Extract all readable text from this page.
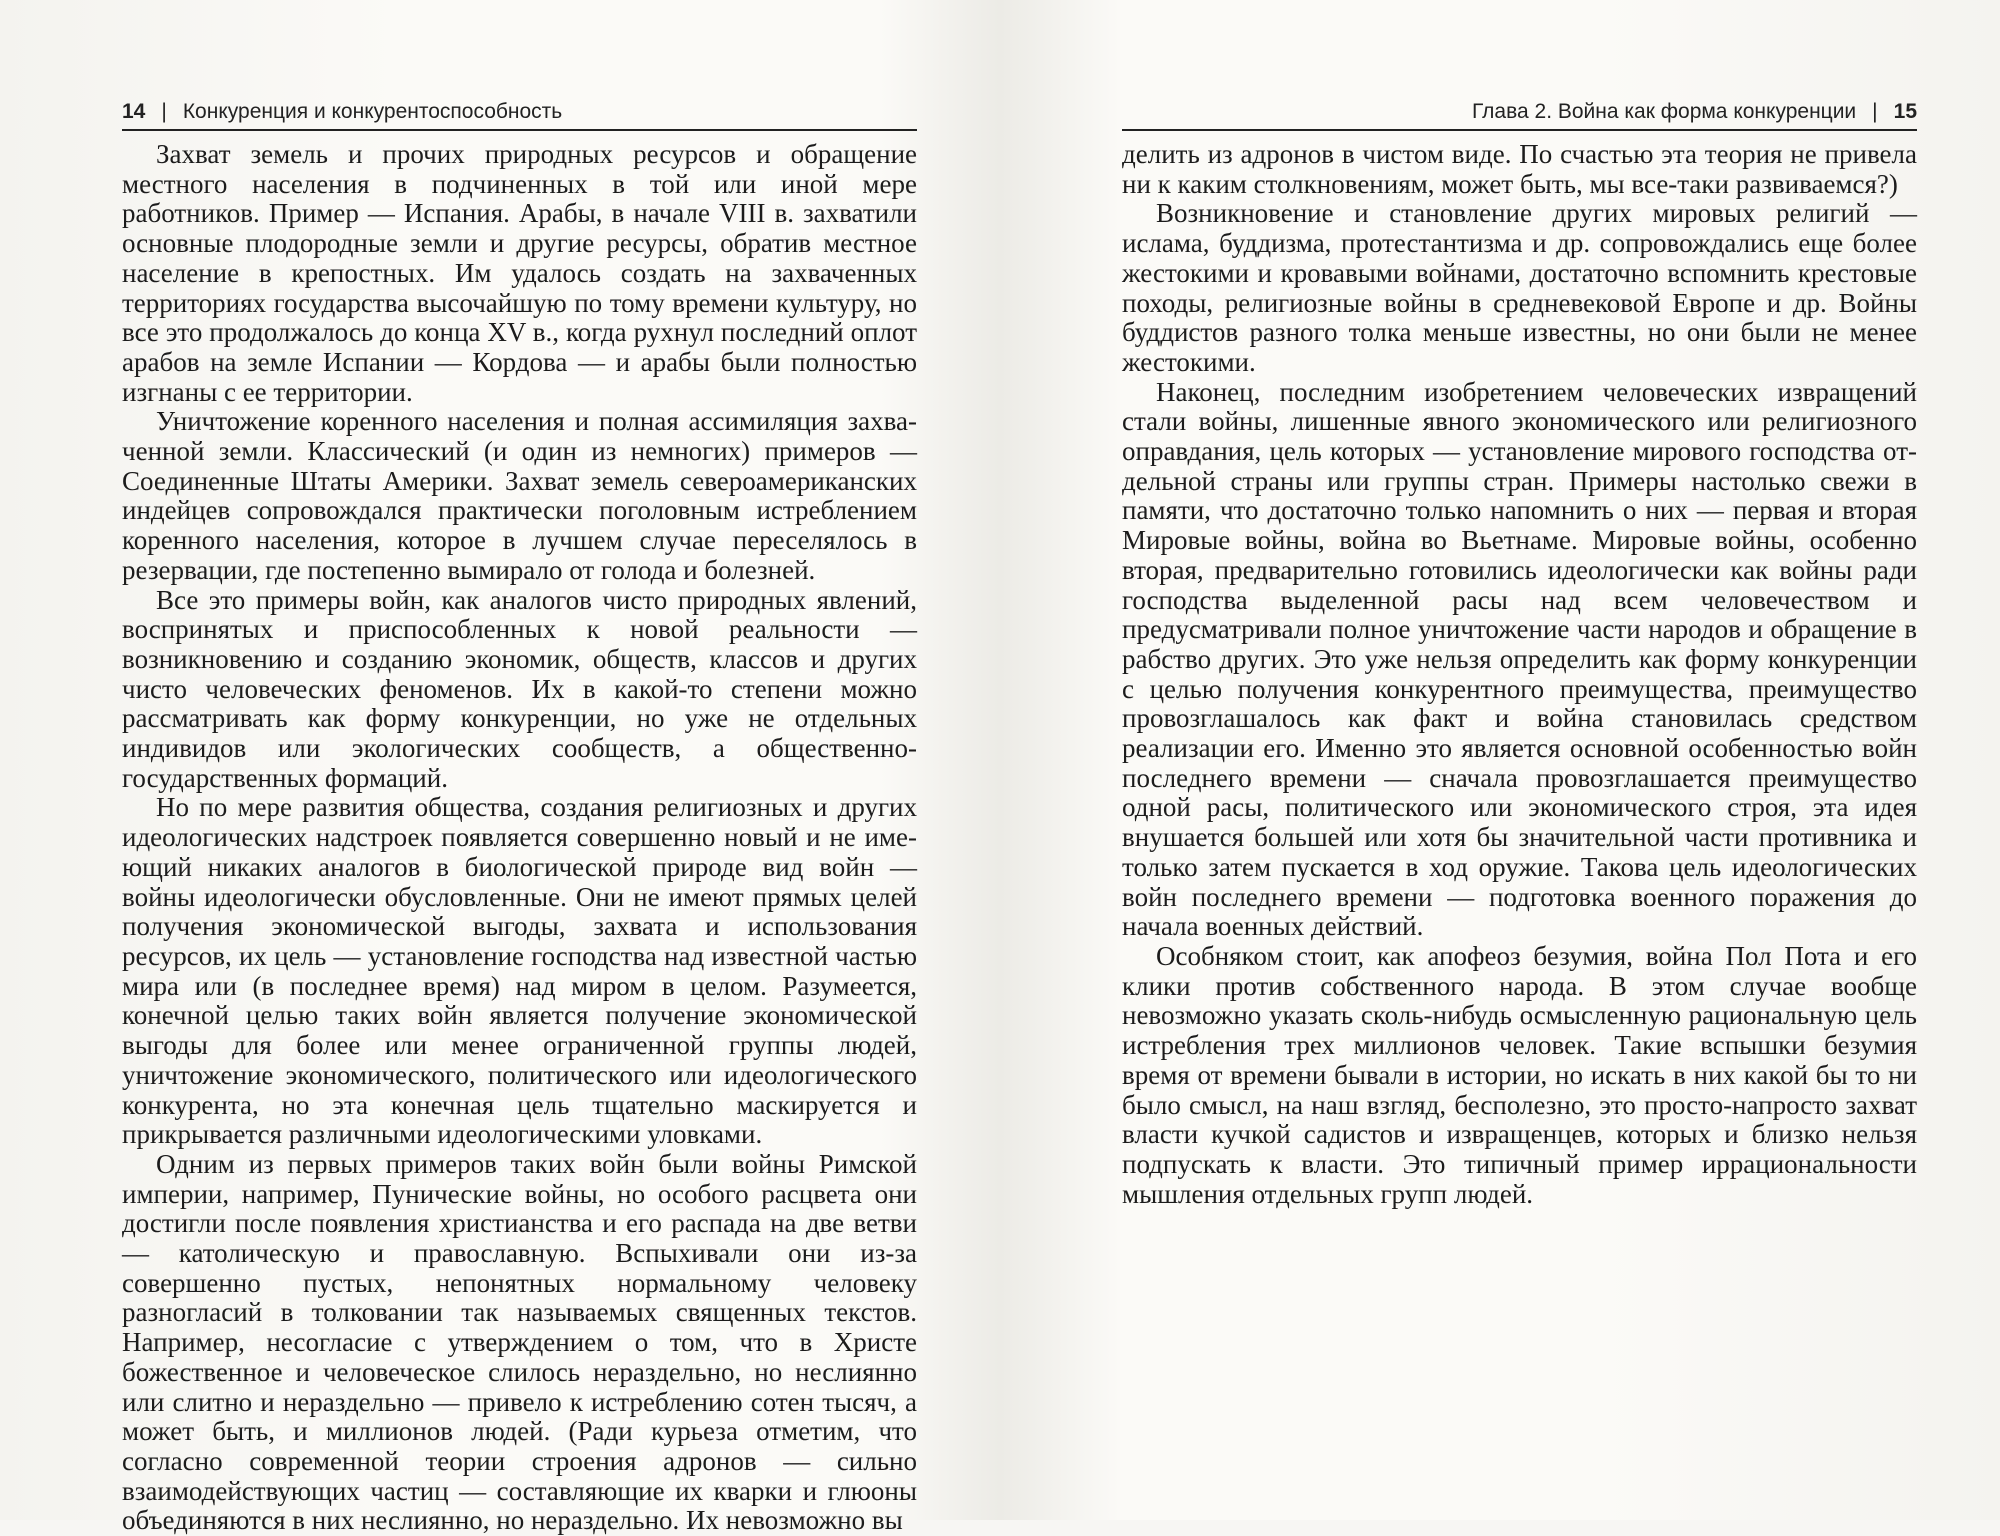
14 | Конкуренция и конкурентоспособность

Захват земель и прочих природных ресурсов и обращение местного населения в подчиненных в той или иной мере работников. Пример — Испания. Арабы, в начале VIII в. захватили основные плодородные земли и другие ресурсы, обратив местное население в крепостных. Им удалось создать на захваченных территориях государства высочайшую по тому времени культуру, но все это продолжалось до конца XV в., когда рухнул последний оплот арабов на земле Испании — Кордова — и арабы были полностью изгнаны с ее территории.

Уничтожение коренного населения и полная ассимиляция захваченной земли. Классический (и один из немногих) примеров — Соединенные Штаты Америки. Захват земель североамериканских индейцев сопровождался практически поголовным истреблением коренного населения, которое в лучшем случае переселялось в резервации, где постепенно вымирало от голода и болезней.

Все это примеры войн, как аналогов чисто природных явлений, воспринятых и приспособленных к новой реальности — возникновению и созданию экономик, обществ, классов и других чисто человеческих феноменов. Их в какой-то степени можно рассматривать как форму конкуренции, но уже не отдельных индивидов или экологических сообществ, а общественно-государственных формаций.

Но по мере развития общества, создания религиозных и других идеологических надстроек появляется совершенно новый и не имеющий никаких аналогов в биологической природе вид войн — войны идеологически обусловленные. Они не имеют прямых целей получения экономической выгоды, захвата и использования ресурсов, их цель — установление господства над известной частью мира или (в последнее время) над миром в целом. Разумеется, конечной целью таких войн является получение экономической выгоды для более или менее ограниченной группы людей, уничтожение экономического, политического или идеологического конкурента, но эта конечная цель тщательно маскируется и прикрывается различными идеологическими уловками.

Одним из первых примеров таких войн были войны Римской империи, например, Пунические войны, но особого расцвета они достигли после появления христианства и его распада на две ветви — католическую и православную. Вспыхивали они из-за совершенно пустых, непонятных нормальному человеку разногласий в толковании так называемых священных текстов. Например, несогласие с утверждением о том, что в Христе божественное и человеческое слилось нераздельно, но неслиянно или слитно и нераздельно — привело к истреблению сотен тысяч, а может быть, и миллионов людей. (Ради курьеза отметим, что согласно современной теории строения адронов — сильно взаимодействующих частиц — составляющие их кварки и глюоны объединяются в них неслиянно, но нераздельно. Их невозможно вы

Глава 2. Война как форма конкуренции | 15

делить из адронов в чистом виде. По счастью эта теория не привела ни к каким столкновениям, может быть, мы все-таки развиваемся?)

Возникновение и становление других мировых религий — ислама, буддизма, протестантизма и др. сопровождались еще более жестокими и кровавыми войнами, достаточно вспомнить крестовые походы, религиозные войны в средневековой Европе и др. Войны буддистов разного толка меньше известны, но они были не менее жестокими.

Наконец, последним изобретением человеческих извращений стали войны, лишенные явного экономического или религиозного оправдания, цель которых — установление мирового господства отдельной страны или группы стран. Примеры настолько свежи в памяти, что достаточно только напомнить о них — первая и вторая Мировые войны, война во Вьетнаме. Мировые войны, особенно вторая, предварительно готовились идеологически как войны ради господства выделенной расы над всем человечеством и предусматривали полное уничтожение части народов и обращение в рабство других. Это уже нельзя определить как форму конкуренции с целью получения конкурентного преимущества, преимущество провозглашалось как факт и война становилась средством реализации его. Именно это является основной особенностью войн последнего времени — сначала провозглашается преимущество одной расы, политического или экономического строя, эта идея внушается большей или хотя бы значительной части противника и только затем пускается в ход оружие. Такова цель идеологических войн последнего времени — подготовка военного поражения до начала военных действий.

Особняком стоит, как апофеоз безумия, война Пол Пота и его клики против собственного народа. В этом случае вообще невозможно указать сколь-нибудь осмысленную рациональную цель истребления трех миллионов человек. Такие вспышки безумия время от времени бывали в истории, но искать в них какой бы то ни было смысл, на наш взгляд, бесполезно, это просто-напросто захват власти кучкой садистов и извращенцев, которых и близко нельзя подпускать к власти. Это типичный пример иррациональности мышления отдельных групп людей.
